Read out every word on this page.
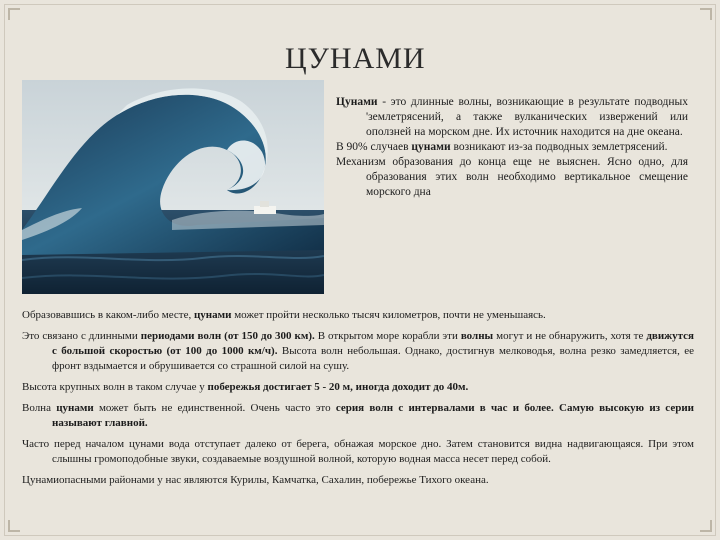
ЦУНАМИ

Цунами - это длинные волны, возникающие в результате подводных 'землетрясений, а также вулканических извержений или оползней на морском дне. Их источник находится на дне океана.

В 90% случаев цунами возникают из-за подводных землетрясений.

Механизм образования до конца еще не выяснен. Ясно одно, для образования этих волн необходимо вертикальное смещение морского дна

Образовавшись в каком-либо месте, цунами может пройти несколько тысяч километров, почти не уменьшаясь.

Это связано с длинными периодами волн (от 150 до 300 км). В открытом море корабли эти волны могут и не обнаружить, хотя те движутся с большой скоростью (от 100 до 1000 км/ч). Высота волн небольшая. Однако, достигнув мелководья, волна резко замедляется, ее фронт вздымается и обрушивается со страшной силой на сушу.

Высота крупных волн в таком случае у побережья достигает 5 - 20 м, иногда доходит до 40м.

Волна цунами может быть не единственной. Очень часто это серия волн с интервалами в час и более. Самую высокую из серии называют главной.

Часто перед началом цунами вода отступает далеко от берега, обнажая морское дно. Затем становится видна надвигающаяся. При этом слышны громоподобные звуки, создаваемые воздушной волной, которую водная масса несет перед собой.

Цунамиопасными районами у нас являются Курилы, Камчатка, Сахалин, побережье Тихого океана.
